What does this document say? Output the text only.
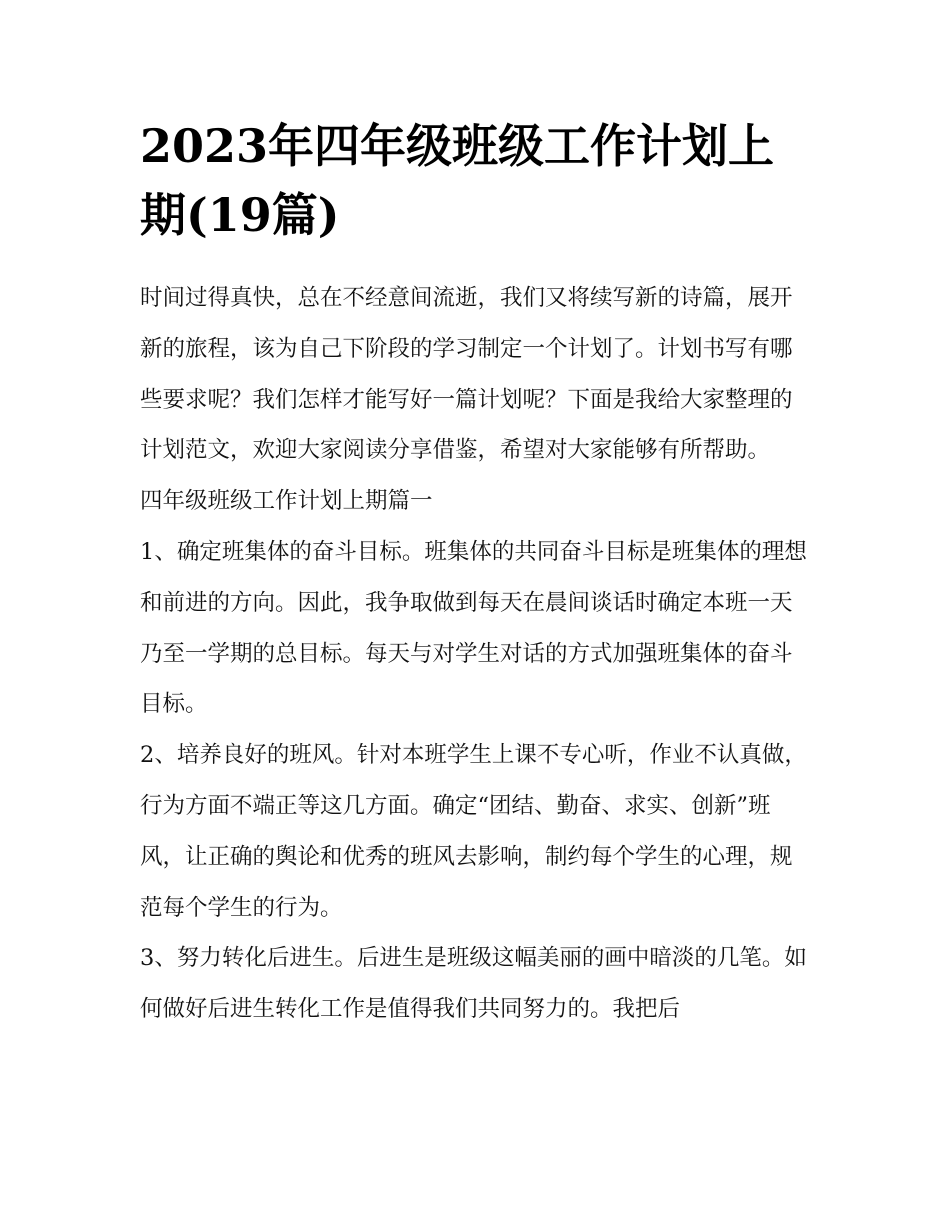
2023年四年级班级工作计划上期(19篇)

时间过得真快，总在不经意间流逝，我们又将续写新的诗篇，展开新的旅程，该为自己下阶段的学习制定一个计划了。计划书写有哪些要求呢？我们怎样才能写好一篇计划呢？下面是我给大家整理的计划范文，欢迎大家阅读分享借鉴，希望对大家能够有所帮助。

四年级班级工作计划上期篇一

1、确定班集体的奋斗目标。班集体的共同奋斗目标是班集体的理想和前进的方向。因此，我争取做到每天在晨间谈话时确定本班一天乃至一学期的总目标。每天与对学生对话的方式加强班集体的奋斗目标。

2、培养良好的班风。针对本班学生上课不专心听，作业不认真做，行为方面不端正等这几方面。确定“团结、勤奋、求实、创新”班风，让正确的舆论和优秀的班风去影响，制约每个学生的心理，规范每个学生的行为。

3、努力转化后进生。后进生是班级这幅美丽的画中暗淡的几笔。如何做好后进生转化工作是值得我们共同努力的。我把后
